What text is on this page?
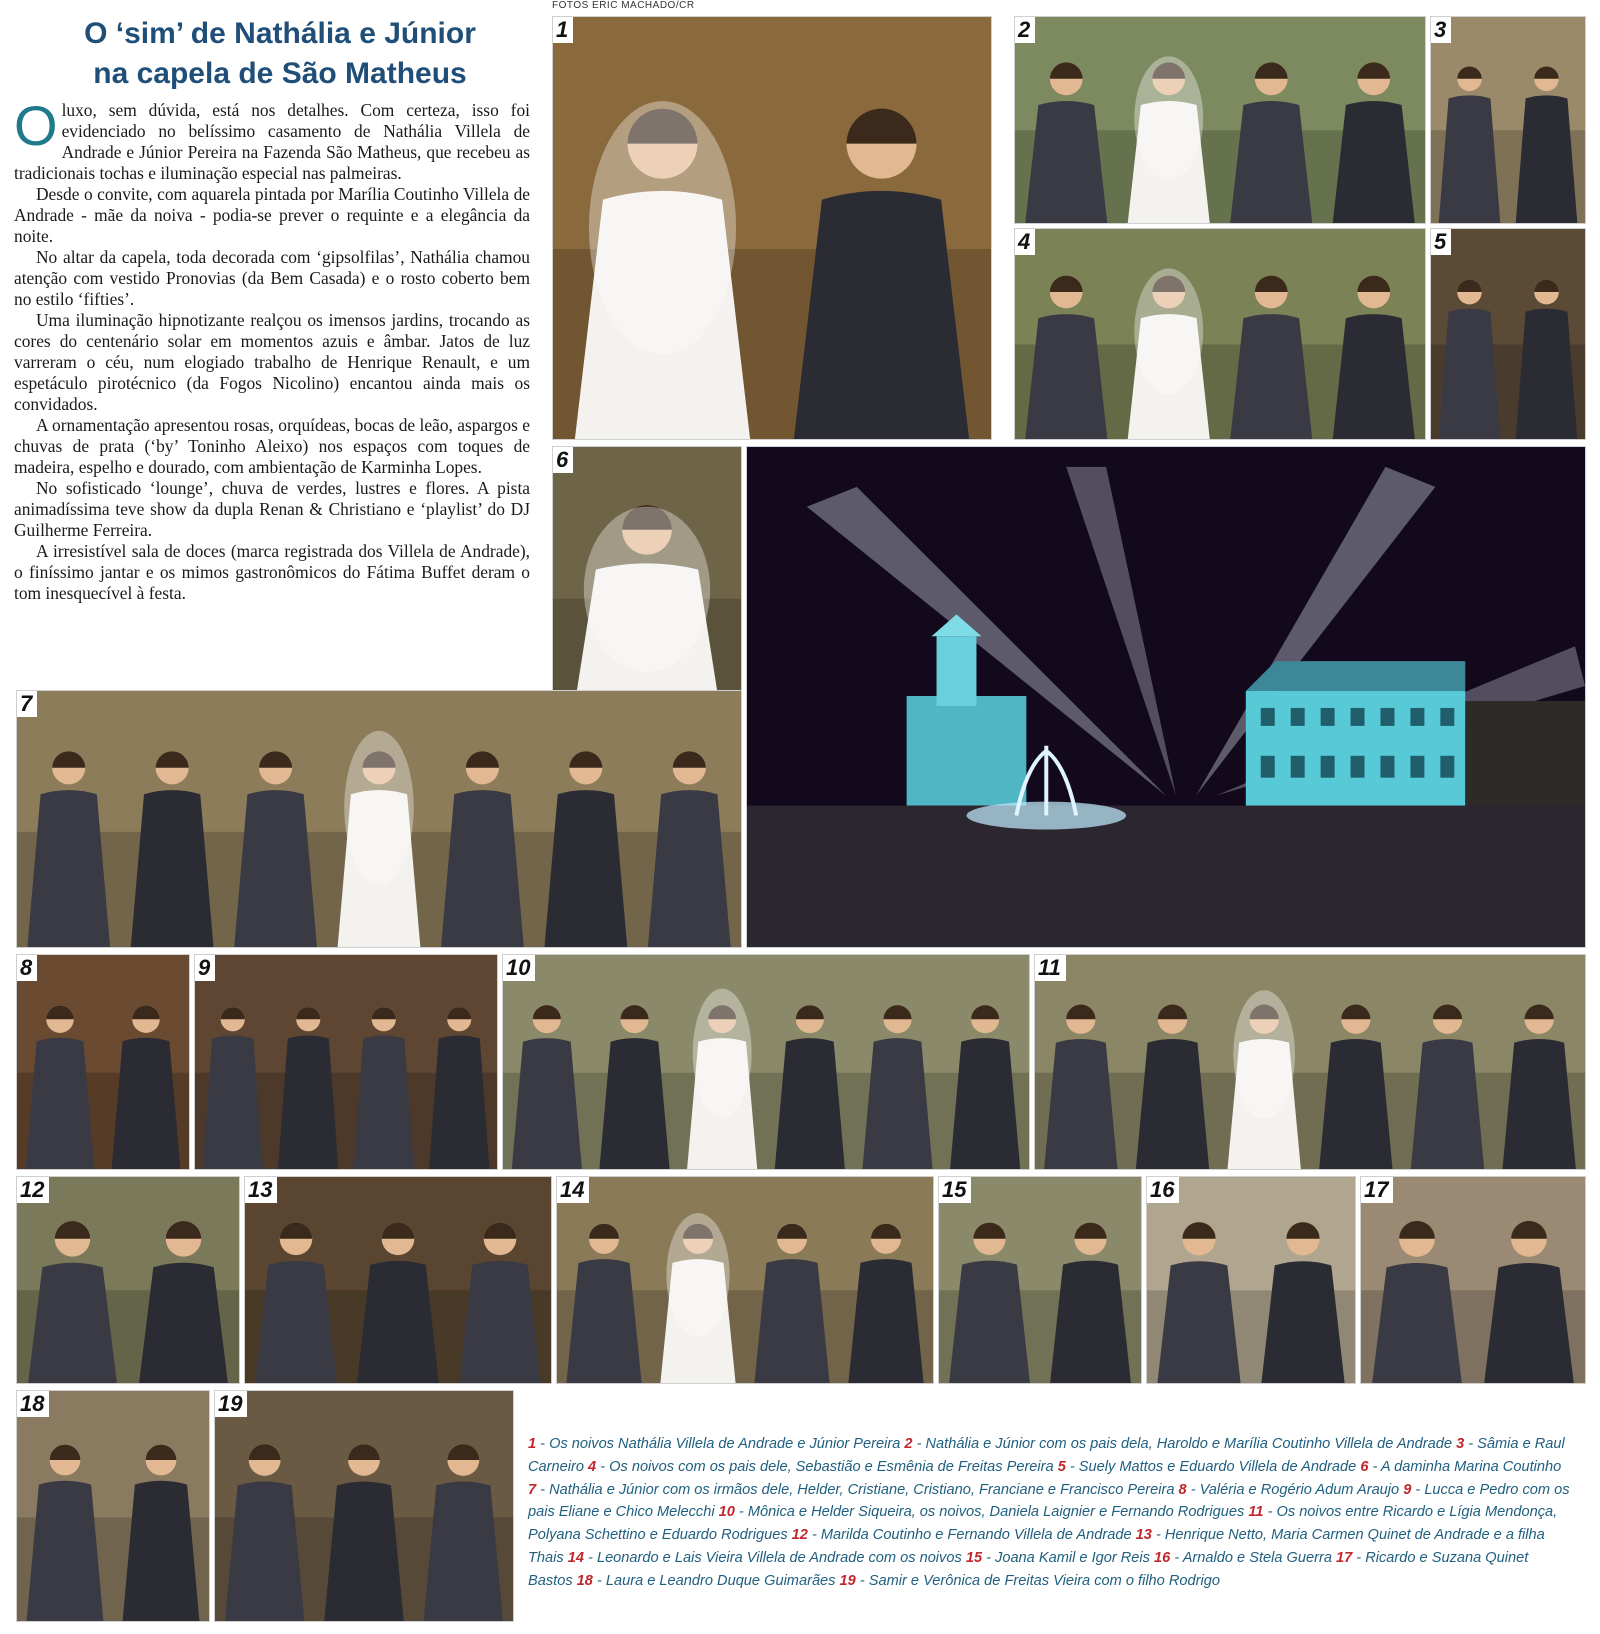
O ‘sim’ de Nathália e Júnior
na capela de São Matheus
FOTOS ERIC MACHADO/CR

Oluxo, sem dúvida, está nos detalhes. Com certeza, isso foi evidenciado no belíssimo casamento de Nathália Villela de Andrade e Júnior Pereira na Fazenda São Matheus, que recebeu as tradicionais tochas e iluminação especial nas palmeiras.

Desde o convite, com aquarela pintada por Marília Coutinho Villela de Andrade - mãe da noiva - podia-se prever o requinte e a elegância da noite.

No altar da capela, toda decorada com ‘gipsolfilas’, Nathália chamou atenção com vestido Pronovias (da Bem Casada) e o rosto coberto bem no estilo ‘fifties’.

Uma iluminação hipnotizante realçou os imensos jardins, trocando as cores do centenário solar em momentos azuis e âmbar. Jatos de luz varreram o céu, num elogiado trabalho de Henrique Renault, e um espetáculo pirotécnico (da Fogos Nicolino) encantou ainda mais os convidados.

A ornamentação apresentou rosas, orquídeas, bocas de leão, aspargos e chuvas de prata (‘by’ Toninho Aleixo) nos espaços com toques de madeira, espelho e dourado, com ambientação de Karminha Lopes.

No sofisticado ‘lounge’, chuva de verdes, lustres e flores. A pista animadíssima teve show da dupla Renan & Christiano e ‘playlist’ do DJ Guilherme Ferreira.

A irresistível sala de doces (marca registrada dos Villela de Andrade), o finíssimo jantar e os mimos gastronômicos do Fátima Buffet deram o tom inesquecível à festa.

1	2	3
4	5
6
7
8	9	10	11
12	13	14	15	16	17
18	19
1 - Os noivos Nathália Villela de Andrade e Júnior Pereira 2 - Nathália e Júnior com os pais dela, Haroldo e Marília Coutinho Villela de Andrade 3 - Sâmia e Raul Carneiro 4 - Os noivos com os pais dele, Sebastião e Esmênia de Freitas Pereira 5 - Suely Mattos e Eduardo Villela de Andrade 6 - A daminha Marina Coutinho 7 - Nathália e Júnior com os irmãos dele, Helder, Cristiane, Cristiano, Franciane e Francisco Pereira 8 - Valéria e Rogério Adum Araujo 9 - Lucca e Pedro com os pais Eliane e Chico Melecchi 10 - Mônica e Helder Siqueira, os noivos, Daniela Laignier e Fernando Rodrigues 11 - Os noivos entre Ricardo e Lígia Mendonça, Polyana Schettino e Eduardo Rodrigues 12 - Marilda Coutinho e Fernando Villela de Andrade 13 - Henrique Netto, Maria Carmen Quinet de Andrade e a filha Thais 14 - Leonardo e Lais Vieira Villela de Andrade com os noivos 15 - Joana Kamil e Igor Reis 16 - Arnaldo e Stela Guerra 17 - Ricardo e Suzana Quinet Bastos 18 - Laura e Leandro Duque Guimarães 19 - Samir e Verônica de Freitas Vieira com o filho Rodrigo
